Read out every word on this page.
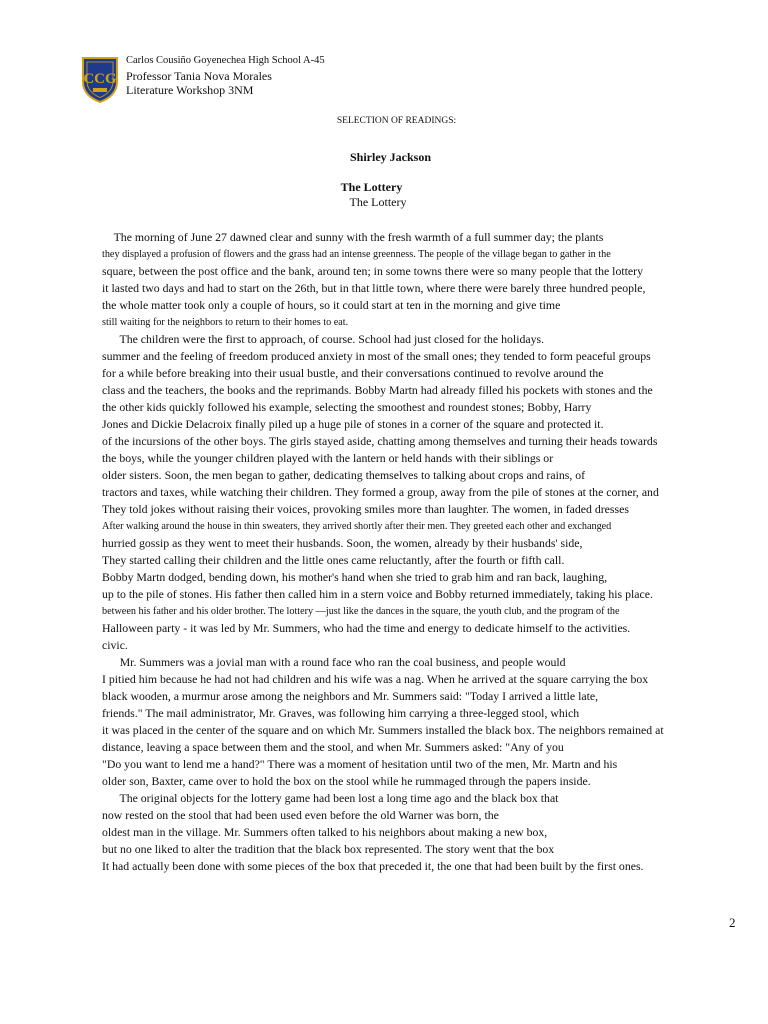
CCG
Carlos Cousiño Goyenechea High School A-45
Professor Tania Nova Morales
Literature Workshop 3NM
SELECTION OF READINGS:
Shirley Jackson
The Lottery
The Lottery
The morning of June 27 dawned clear and sunny with the fresh warmth of a full summer day; the plants
they displayed a profusion of flowers and the grass had an intense greenness. The people of the village began to gather in the
square, between the post office and the bank, around ten; in some towns there were so many people that the lottery
it lasted two days and had to start on the 26th, but in that little town, where there were barely three hundred people,
the whole matter took only a couple of hours, so it could start at ten in the morning and give time
still waiting for the neighbors to return to their homes to eat.
The children were the first to approach, of course. School had just closed for the holidays.
summer and the feeling of freedom produced anxiety in most of the small ones; they tended to form peaceful groups
for a while before breaking into their usual bustle, and their conversations continued to revolve around the
class and the teachers, the books and the reprimands. Bobby Martn had already filled his pockets with stones and the
the other kids quickly followed his example, selecting the smoothest and roundest stones; Bobby, Harry
Jones and Dickie Delacroix finally piled up a huge pile of stones in a corner of the square and protected it.
of the incursions of the other boys. The girls stayed aside, chatting among themselves and turning their heads towards
the boys, while the younger children played with the lantern or held hands with their siblings or
older sisters. Soon, the men began to gather, dedicating themselves to talking about crops and rains, of
tractors and taxes, while watching their children. They formed a group, away from the pile of stones at the corner, and
They told jokes without raising their voices, provoking smiles more than laughter. The women, in faded dresses
After walking around the house in thin sweaters, they arrived shortly after their men. They greeted each other and exchanged
hurried gossip as they went to meet their husbands. Soon, the women, already by their husbands' side,
They started calling their children and the little ones came reluctantly, after the fourth or fifth call.
Bobby Martn dodged, bending down, his mother's hand when she tried to grab him and ran back, laughing,
up to the pile of stones. His father then called him in a stern voice and Bobby returned immediately, taking his place.
between his father and his older brother. The lottery —just like the dances in the square, the youth club, and the program of the
Halloween party - it was led by Mr. Summers, who had the time and energy to dedicate himself to the activities.
civic.
Mr. Summers was a jovial man with a round face who ran the coal business, and people would
I pitied him because he had not had children and his wife was a nag. When he arrived at the square carrying the box
black wooden, a murmur arose among the neighbors and Mr. Summers said: "Today I arrived a little late,
friends." The mail administrator, Mr. Graves, was following him carrying a three-legged stool, which
it was placed in the center of the square and on which Mr. Summers installed the black box. The neighbors remained at
distance, leaving a space between them and the stool, and when Mr. Summers asked: "Any of you
"Do you want to lend me a hand?" There was a moment of hesitation until two of the men, Mr. Martn and his
older son, Baxter, came over to hold the box on the stool while he rummaged through the papers inside.
The original objects for the lottery game had been lost a long time ago and the black box that
now rested on the stool that had been used even before the old Warner was born, the
oldest man in the village. Mr. Summers often talked to his neighbors about making a new box,
but no one liked to alter the tradition that the black box represented. The story went that the box
It had actually been done with some pieces of the box that preceded it, the one that had been built by the first ones.
2
